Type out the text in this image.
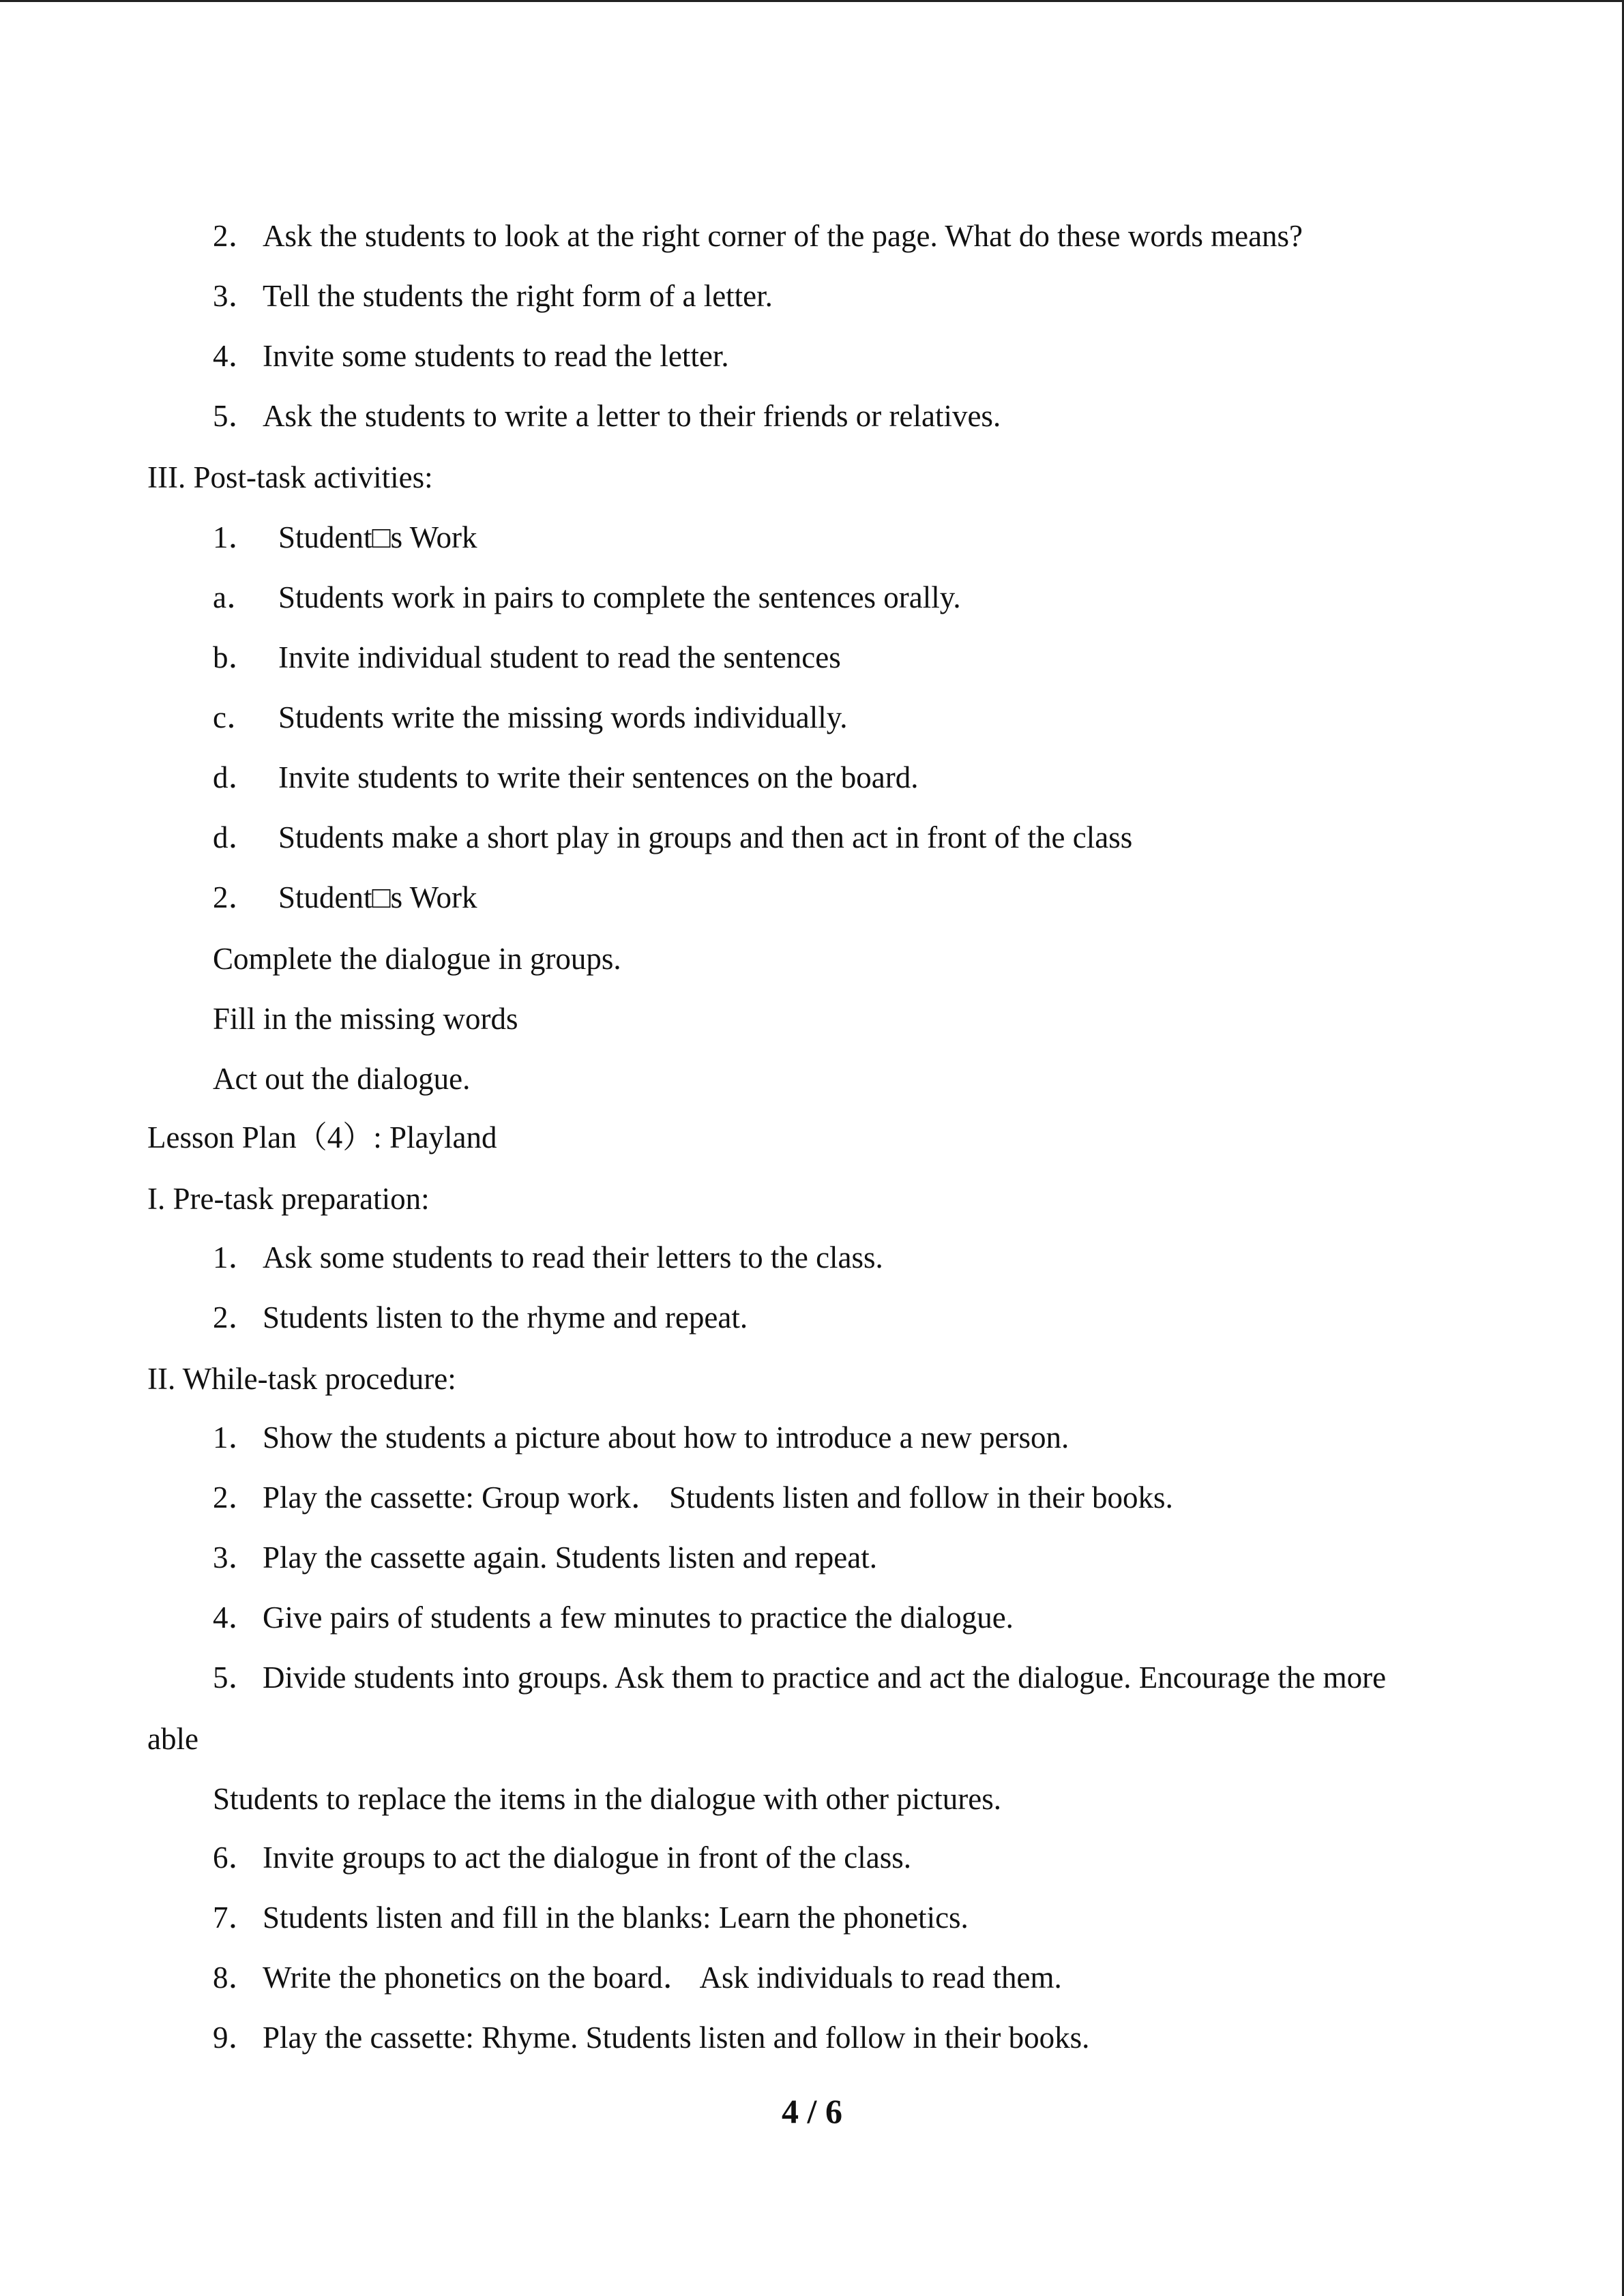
2． Ask the students to look at the right corner of the page. What do these words means?
3． Tell the students the right form of a letter.
4． Invite some students to read the letter.
5． Ask the students to write a letter to their friends or relatives.
III. Post-task activities:
1． Student□s Work
a． Students work in pairs to complete the sentences orally.
b． Invite individual student to read the sentences
c． Students write the missing words individually.
d． Invite students to write their sentences on the board.
d． Students make a short play in groups and then act in front of the class
2． Student□s Work
Complete the dialogue in groups.
Fill in the missing words
Act out the dialogue.
Lesson Plan（4）: Playland
I. Pre-task preparation:
1． Ask some students to read their letters to the class.
2． Students listen to the rhyme and repeat.
II. While-task procedure:
1． Show the students a picture about how to introduce a new person.
2． Play the cassette: Group work． Students listen and follow in their books.
3． Play the cassette again. Students listen and repeat.
4． Give pairs of students a few minutes to practice the dialogue.
5． Divide students into groups. Ask them to practice and act the dialogue. Encourage the more
able
Students to replace the items in the dialogue with other pictures.
6． Invite groups to act the dialogue in front of the class.
7． Students listen and fill in the blanks: Learn the phonetics.
8． Write the phonetics on the board． Ask individuals to read them.
9． Play the cassette: Rhyme. Students listen and follow in their books.
4 / 6
